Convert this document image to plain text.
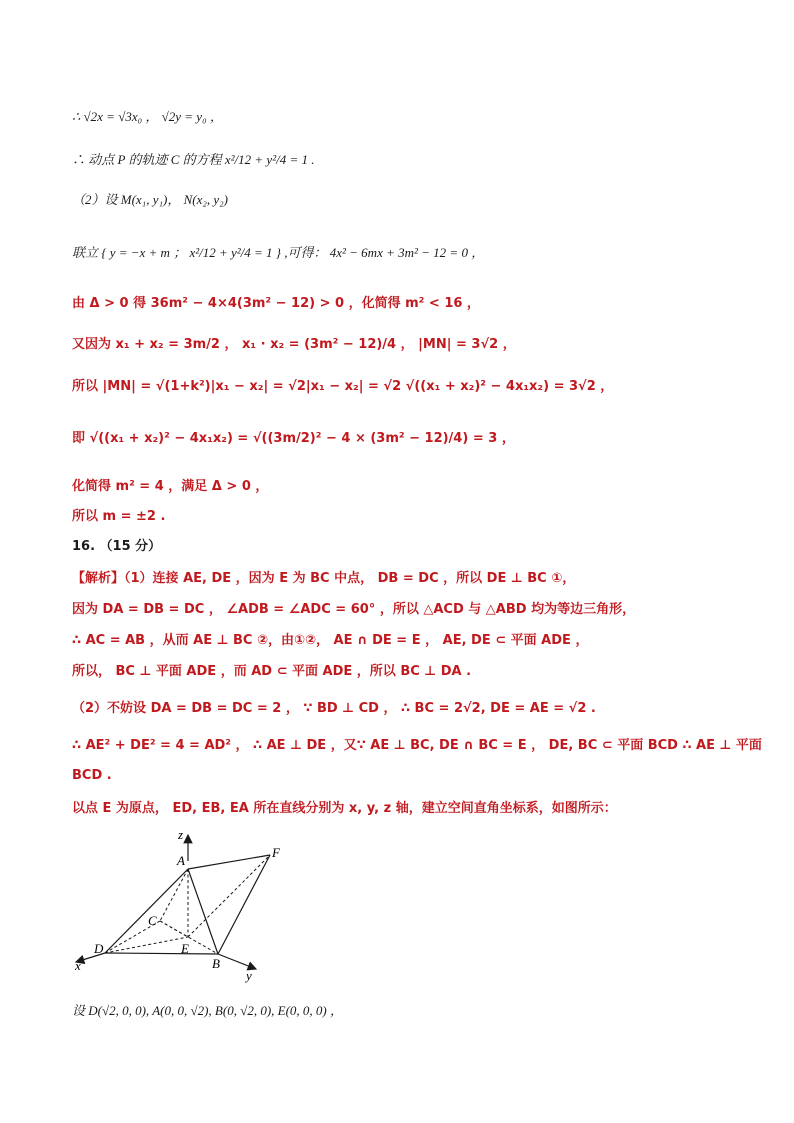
∴ √2x = √3x₀ ， √2y = y₀ ，
∴ 动点 P 的轨迹 C 的方程 x²/12 + y²/4 = 1 .
（2）设 M(x₁, y₁)， N(x₂, y₂)
联立 { y = −x + m ； x²/12 + y²/4 = 1 } ,可得： 4x² − 6mx + 3m² − 12 = 0 ，
由 Δ > 0 得 36m² − 4×4(3m² − 12) > 0 ，化简得 m² < 16 ，
又因为 x₁ + x₂ = 3m/2 ， x₁ · x₂ = (3m² − 12)/4 ， |MN| = 3√2 ，
所以 |MN| = √(1+k²)|x₁ − x₂| = √2|x₁ − x₂| = √2 √((x₁ + x₂)² − 4x₁x₂) = 3√2 ，
即 √((x₁ + x₂)² − 4x₁x₂) = √((3m/2)² − 4 × (3m² − 12)/4) = 3 ，
化简得 m² = 4 ，满足 Δ > 0 ，
所以 m = ±2 .
16. （15 分）
【解析】（1）连接 AE, DE ，因为 E 为 BC 中点， DB = DC ，所以 DE ⊥ BC ①，
因为 DA = DB = DC ， ∠ADB = ∠ADC = 60° ，所以 △ACD 与 △ABD 均为等边三角形，
∴ AC = AB ，从而 AE ⊥ BC ②，由①②， AE ∩ DE = E ， AE, DE ⊂ 平面 ADE ，
所以， BC ⊥ 平面 ADE ，而 AD ⊂ 平面 ADE ，所以 BC ⊥ DA .
（2）不妨设 DA = DB = DC = 2 ， ∵ BD ⊥ CD ， ∴ BC = 2√2, DE = AE = √2 .
∴ AE² + DE² = 4 = AD² ， ∴ AE ⊥ DE ，又∵ AE ⊥ BC, DE ∩ BC = E ， DE, BC ⊂ 平面 BCD ∴ AE ⊥ 平面
BCD .
以点 E 为原点， ED, EB, EA 所在直线分别为 x, y, z 轴，建立空间直角坐标系，如图所示：
z
A
F
C
D	E
B
x
y
设 D(√2, 0, 0), A(0, 0, √2), B(0, √2, 0), E(0, 0, 0) ，
